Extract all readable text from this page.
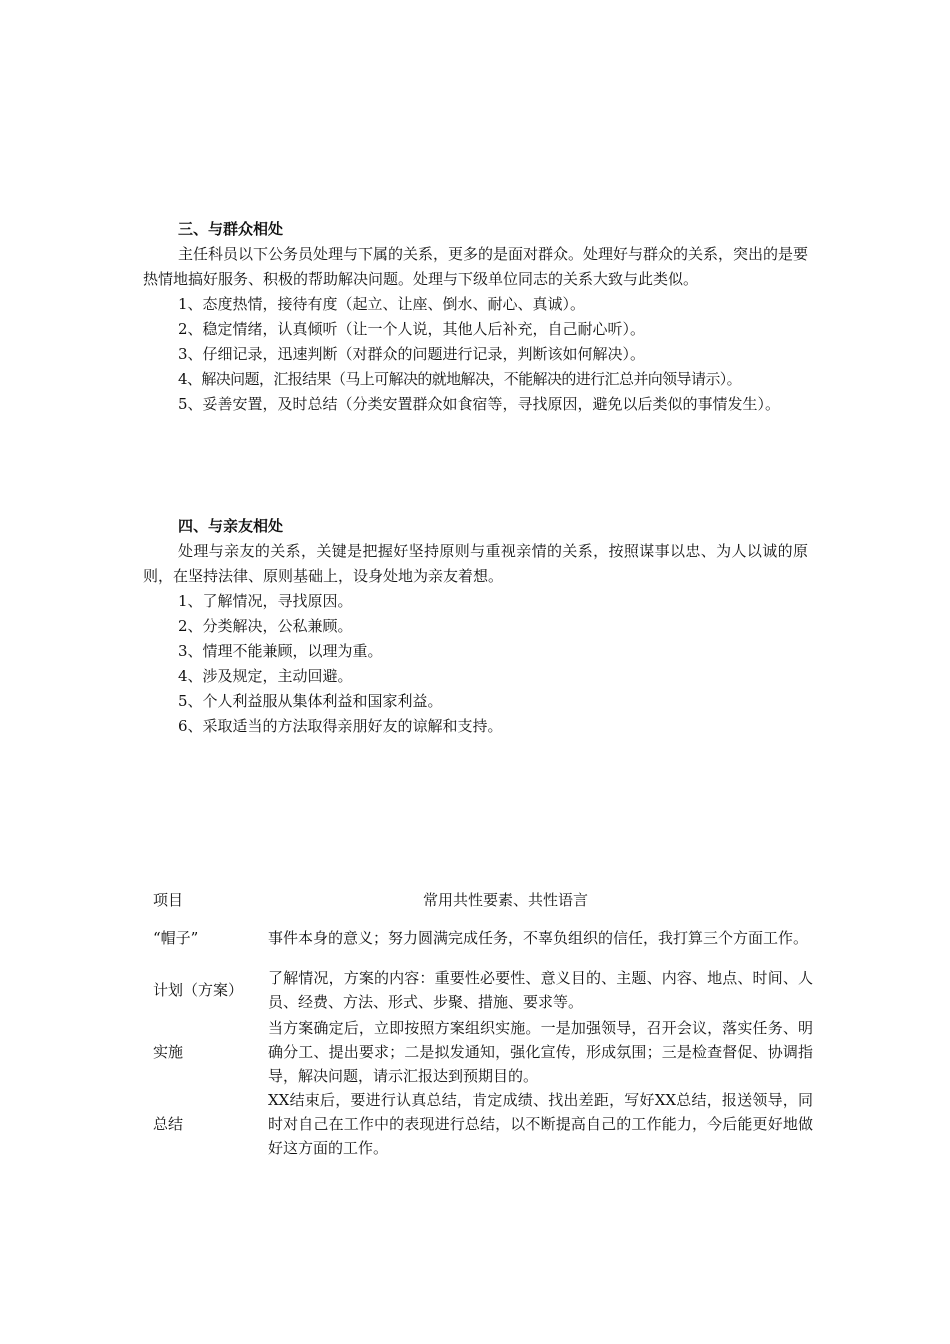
三、与群众相处

主任科员以下公务员处理与下属的关系，更多的是面对群众。处理好与群众的关系，突出的是要热情地搞好服务、积极的帮助解决问题。处理与下级单位同志的关系大致与此类似。

1、态度热情，接待有度（起立、让座、倒水、耐心、真诚）。

2、稳定情绪，认真倾听（让一个人说，其他人后补充，自己耐心听）。

3、仔细记录，迅速判断（对群众的问题进行记录，判断该如何解决）。

4、解决问题，汇报结果（马上可解决的就地解决，不能解决的进行汇总并向领导请示）。

5、妥善安置，及时总结（分类安置群众如食宿等，寻找原因，避免以后类似的事情发生）。

四、与亲友相处

处理与亲友的关系，关键是把握好坚持原则与重视亲情的关系，按照谋事以忠、为人以诚的原则，在坚持法律、原则基础上，设身处地为亲友着想。

1、了解情况，寻找原因。

2、分类解决，公私兼顾。

3、情理不能兼顾，以理为重。

4、涉及规定，主动回避。

5、个人利益服从集体利益和国家利益。

6、采取适当的方法取得亲朋好友的谅解和支持。

项目	常用共性要素、共性语言
“帽子”	事件本身的意义；努力圆满完成任务，不辜负组织的信任，我打算三个方面工作。
计划（方案）
了解情况，方案的内容：重要性必要性、意义目的、主题、内容、地点、时间、人员、经费、方法、形式、步聚、措施、要求等。
实施
当方案确定后，立即按照方案组织实施。一是加强领导，召开会议，落实任务、明确分工、提出要求；二是拟发通知，强化宣传，形成氛围；三是检查督促、协调指导，解决问题，请示汇报达到预期目的。
总结
XX结束后，要进行认真总结，肯定成绩、找出差距，写好XX总结，报送领导，同时对自己在工作中的表现进行总结，以不断提高自己的工作能力，今后能更好地做好这方面的工作。
